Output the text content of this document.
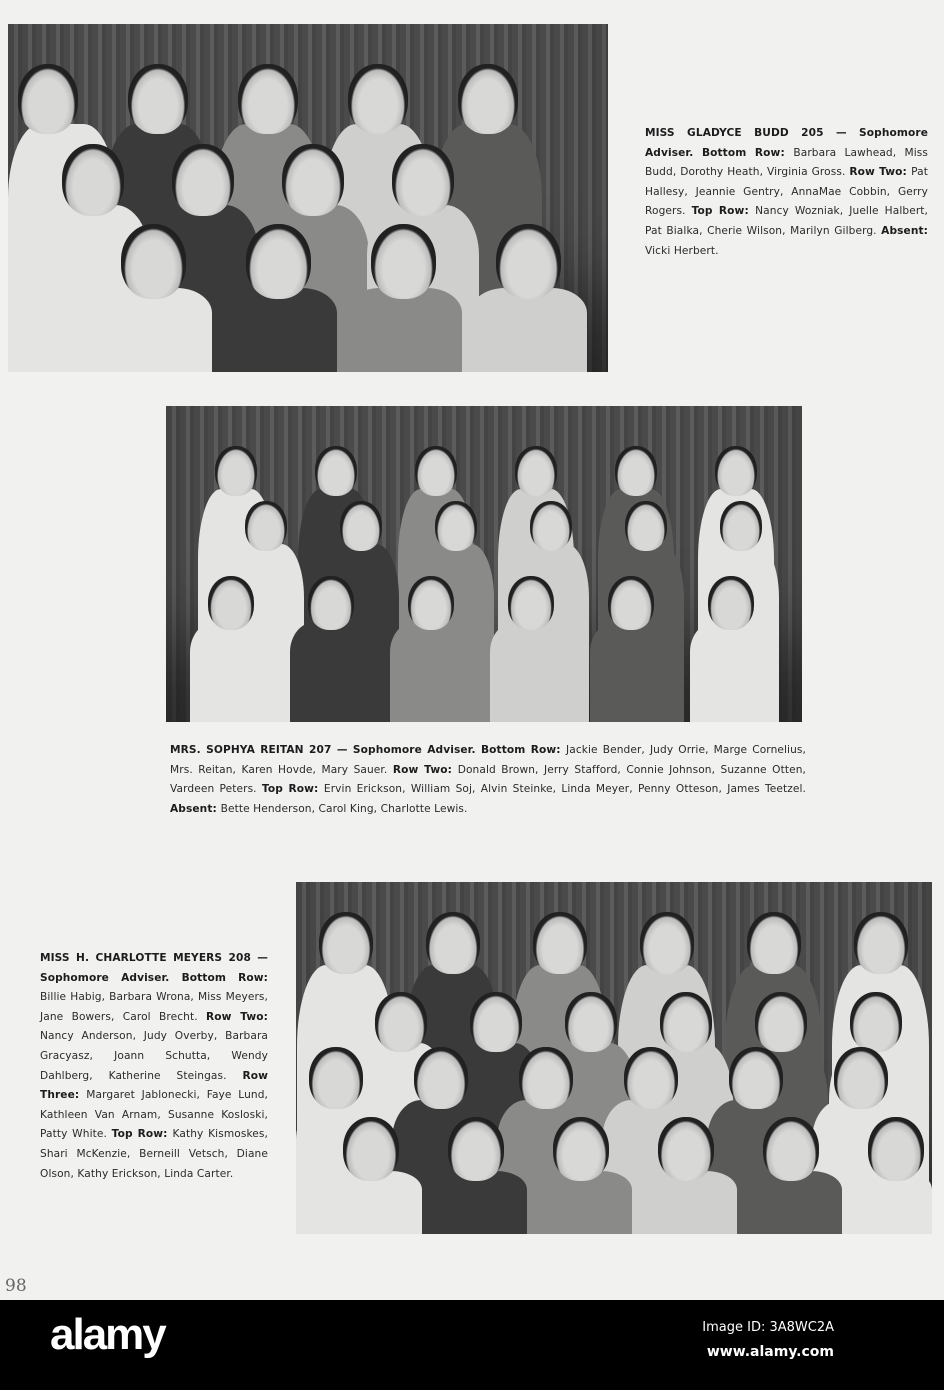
MISS GLADYCE BUDD 205 — Sophomore Adviser. Bottom Row: Barbara Lawhead, Miss Budd, Dorothy Heath, Virginia Gross. Row Two: Pat Hallesy, Jeannie Gentry, AnnaMae Cobbin, Gerry Rogers. Top Row: Nancy Wozniak, Juelle Halbert, Pat Bialka, Cherie Wilson, Marilyn Gilberg. Absent: Vicki Herbert.
MRS. SOPHYA REITAN 207 — Sophomore Adviser. Bottom Row: Jackie Bender, Judy Orrie, Marge Cornelius, Mrs. Reitan, Karen Hovde, Mary Sauer. Row Two: Donald Brown, Jerry Stafford, Connie Johnson, Suzanne Otten, Vardeen Peters. Top Row: Ervin Erickson, William Soj, Alvin Steinke, Linda Meyer, Penny Otteson, James Teetzel. Absent: Bette Henderson, Carol King, Charlotte Lewis.
MISS H. CHARLOTTE MEYERS 208 — Sophomore Adviser. Bottom Row: Billie Habig, Barbara Wrona, Miss Meyers, Jane Bowers, Carol Brecht. Row Two: Nancy Anderson, Judy Overby, Barbara Gracyasz, Joann Schutta, Wendy Dahlberg, Katherine Steingas. Row Three: Margaret Jablonecki, Faye Lund, Kathleen Van Arnam, Susanne Kosloski, Patty White. Top Row: Kathy Kismoskes, Shari McKenzie, Berneill Vetsch, Diane Olson, Kathy Erickson, Linda Carter.
98
alamy	Image ID: 3A8WC2A
www.alamy.com
